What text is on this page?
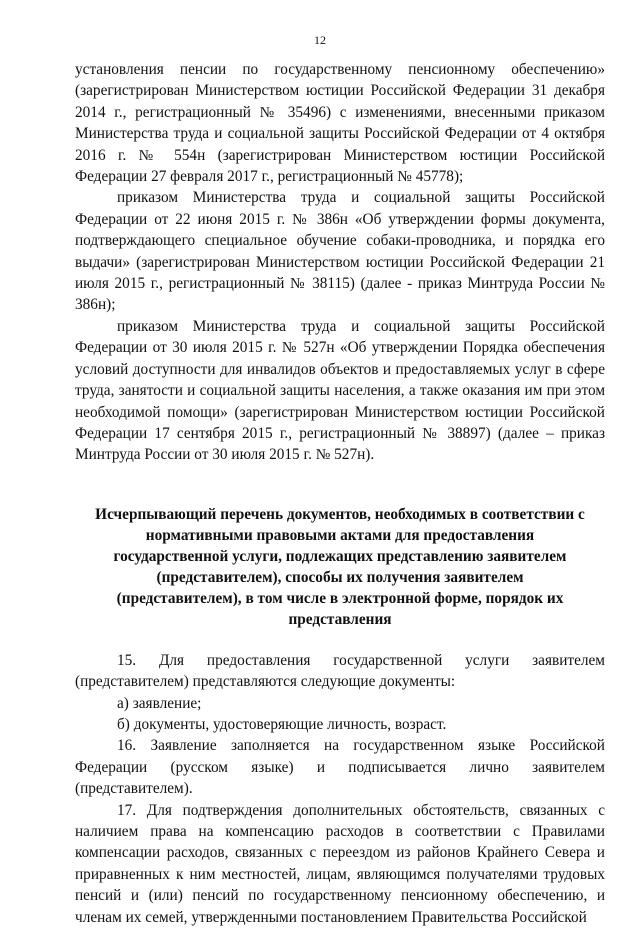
12

установления пенсии по государственному пенсионному обеспечению» (зарегистрирован Министерством юстиции Российской Федерации 31 декабря 2014 г., регистрационный № 35496) с изменениями, внесенными приказом Министерства труда и социальной защиты Российской Федерации от 4 октября 2016 г. № 554н (зарегистрирован Министерством юстиции Российской Федерации 27 февраля 2017 г., регистрационный № 45778);

приказом Министерства труда и социальной защиты Российской Федерации от 22 июня 2015 г. № 386н «Об утверждении формы документа, подтверждающего специальное обучение собаки-проводника, и порядка его выдачи» (зарегистрирован Министерством юстиции Российской Федерации 21 июля 2015 г., регистрационный № 38115) (далее - приказ Минтруда России № 386н);

приказом Министерства труда и социальной защиты Российской Федерации от 30 июля 2015 г. № 527н «Об утверждении Порядка обеспечения условий доступности для инвалидов объектов и предоставляемых услуг в сфере труда, занятости и социальной защиты населения, а также оказания им при этом необходимой помощи» (зарегистрирован Министерством юстиции Российской Федерации 17 сентября 2015 г., регистрационный № 38897) (далее – приказ Минтруда России от 30 июля 2015 г. № 527н).

Исчерпывающий перечень документов, необходимых в соответствии с нормативными правовыми актами для предоставления государственной услуги, подлежащих представлению заявителем (представителем), способы их получения заявителем (представителем), в том числе в электронной форме, порядок их представления

15. Для предоставления государственной услуги заявителем (представителем) представляются следующие документы:

а) заявление;

б) документы, удостоверяющие личность, возраст.

16. Заявление заполняется на государственном языке Российской Федерации (русском языке) и подписывается лично заявителем (представителем).

17. Для подтверждения дополнительных обстоятельств, связанных с наличием права на компенсацию расходов в соответствии с Правилами компенсации расходов, связанных с переездом из районов Крайнего Севера и приравненных к ним местностей, лицам, являющимся получателями трудовых пенсий и (или) пенсий по государственному пенсионному обеспечению, и членам их семей, утвержденными постановлением Правительства Российской
